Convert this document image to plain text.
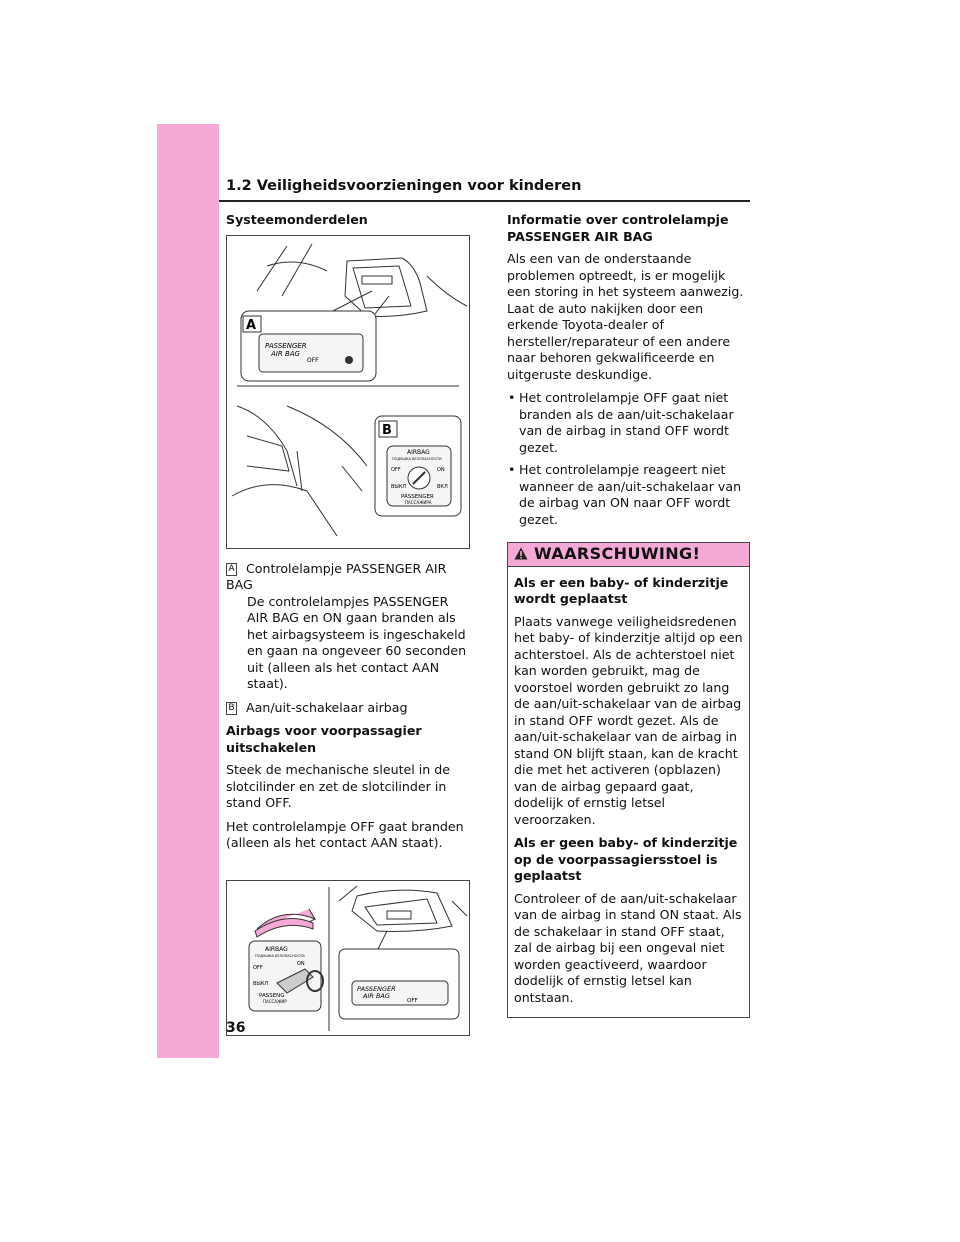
1.2 Veiligheidsvoorzieningen voor kinderen

Systeemonderdelen

A
PASSENGER
AIR BAG
OFF
B
AIRBAG
ПОДУШКА БЕЗОПАСНОСТИ
OFF	ON
ВЫКЛ	ВКЛ
PASSENGER
ПАССАЖИРА
A Controlelampje PASSENGER AIR BAG

De controlelampjes PASSENGER AIR BAG en ON gaan branden als het airbagsysteem is ingeschakeld en gaan na ongeveer 60 seconden uit (alleen als het contact AAN staat).

B Aan/uit-schakelaar airbag

Airbags voor voorpassagier uitschakelen

Steek de mechanische sleutel in de slotcilinder en zet de slotcilinder in stand OFF.

Het controlelampje OFF gaat branden (alleen als het contact AAN staat).

AIRBAG
ПОДУШКА БЕЗОПАСНОСТИ
OFF
ON
ВЫКЛ
PASSENG
ПАССАЖИР
PASSENGER
AIR BAG
OFF

Informatie over controlelampje PASSENGER AIR BAG

Als een van de onderstaande problemen optreedt, is er mogelijk een storing in het systeem aanwezig. Laat de auto nakijken door een erkende Toyota-dealer of hersteller/reparateur of een andere naar behoren gekwalificeerde en uitgeruste deskundige.

• Het controlelampje OFF gaat niet branden als de aan/uit-schakelaar van de airbag in stand OFF wordt gezet.
• Het controlelampje reageert niet wanneer de aan/uit-schakelaar van de airbag van ON naar OFF wordt gezet.
WAARSCHUWING!

Als er een baby- of kinderzitje wordt geplaatst

Plaats vanwege veiligheidsredenen het baby- of kinderzitje altijd op een achterstoel. Als de achterstoel niet kan worden gebruikt, mag de voorstoel worden gebruikt zo lang de aan/uit-schakelaar van de airbag in stand OFF wordt gezet. Als de aan/uit-schakelaar van de airbag in stand ON blijft staan, kan de kracht die met het activeren (opblazen) van de airbag gepaard gaat, dodelijk of ernstig letsel veroorzaken.

Als er geen baby- of kinderzitje op de voorpassagiersstoel is geplaatst

Controleer of de aan/uit-schakelaar van de airbag in stand ON staat. Als de schakelaar in stand OFF staat, zal de airbag bij een ongeval niet worden geactiveerd, waardoor dodelijk of ernstig letsel kan ontstaan.

36
